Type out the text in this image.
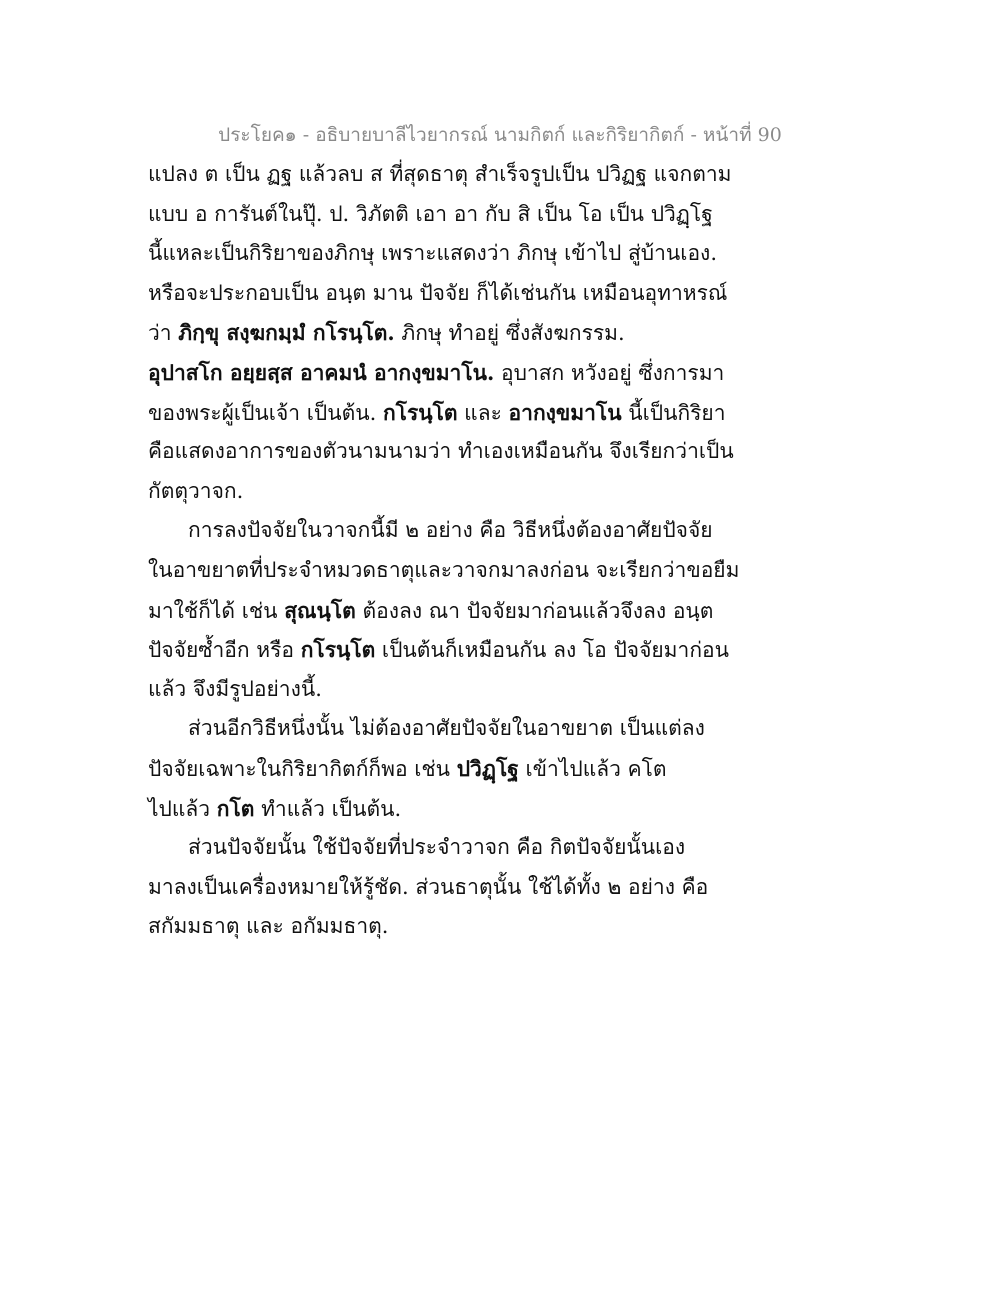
ประโยค๑ - อธิบายบาลีไวยากรณ์ นามกิตก์ และกิริยากิตก์ - หน้าที่ 90
แปลง ต เป็น ฏฐ แล้วลบ ส ที่สุดธาตุ สำเร็จรูปเป็น ปวิฏฐ แจกตาม
แบบ อ การันต์ในปุ๊. ป. วิภัตติ เอา อา กับ สิ เป็น โอ เป็น ปวิฏฺโฐ
นี้แหละเป็นกิริยาของภิกษุ เพราะแสดงว่า ภิกษุ เข้าไป สู่บ้านเอง.
หรือจะประกอบเป็น อนฺต มาน ปัจจัย ก็ได้เช่นกัน เหมือนอุทาหรณ์
ว่า ภิกฺขุ สงฺฆกมฺมํ กโรนฺโต. ภิกษุ ทำอยู่ ซึ่งสังฆกรรม.
อุปาสโก อยฺยสฺส อาคมนํ อากงฺขมาโน. อุบาสก หวังอยู่ ซึ่งการมา
ของพระผู้เป็นเจ้า เป็นต้น. กโรนฺโต และ อากงฺขมาโน นี้เป็นกิริยา
คือแสดงอาการของตัวนามนามว่า ทำเองเหมือนกัน จึงเรียกว่าเป็น
กัตตุวาจก.
การลงปัจจัยในวาจกนี้มี ๒ อย่าง คือ วิธีหนึ่งต้องอาศัยปัจจัย
ในอาขยาตที่ประจำหมวดธาตุและวาจกมาลงก่อน จะเรียกว่าขอยืม
มาใช้ก็ได้ เช่น สุณนฺโต ต้องลง ณา ปัจจัยมาก่อนแล้วจึงลง อนฺต
ปัจจัยซ้ำอีก หรือ กโรนฺโต เป็นต้นก็เหมือนกัน ลง โอ ปัจจัยมาก่อน
แล้ว จึงมีรูปอย่างนี้.
ส่วนอีกวิธีหนึ่งนั้น ไม่ต้องอาศัยปัจจัยในอาขยาต เป็นแต่ลง
ปัจจัยเฉพาะในกิริยากิตก์ก็พอ เช่น ปวิฏฺโฐ เข้าไปแล้ว คโต
ไปแล้ว กโต ทำแล้ว เป็นต้น.
ส่วนปัจจัยนั้น ใช้ปัจจัยที่ประจำวาจก คือ กิตปัจจัยนั้นเอง
มาลงเป็นเครื่องหมายให้รู้ชัด. ส่วนธาตุนั้น ใช้ได้ทั้ง ๒ อย่าง คือ
สกัมมธาตุ และ อกัมมธาตุ.
